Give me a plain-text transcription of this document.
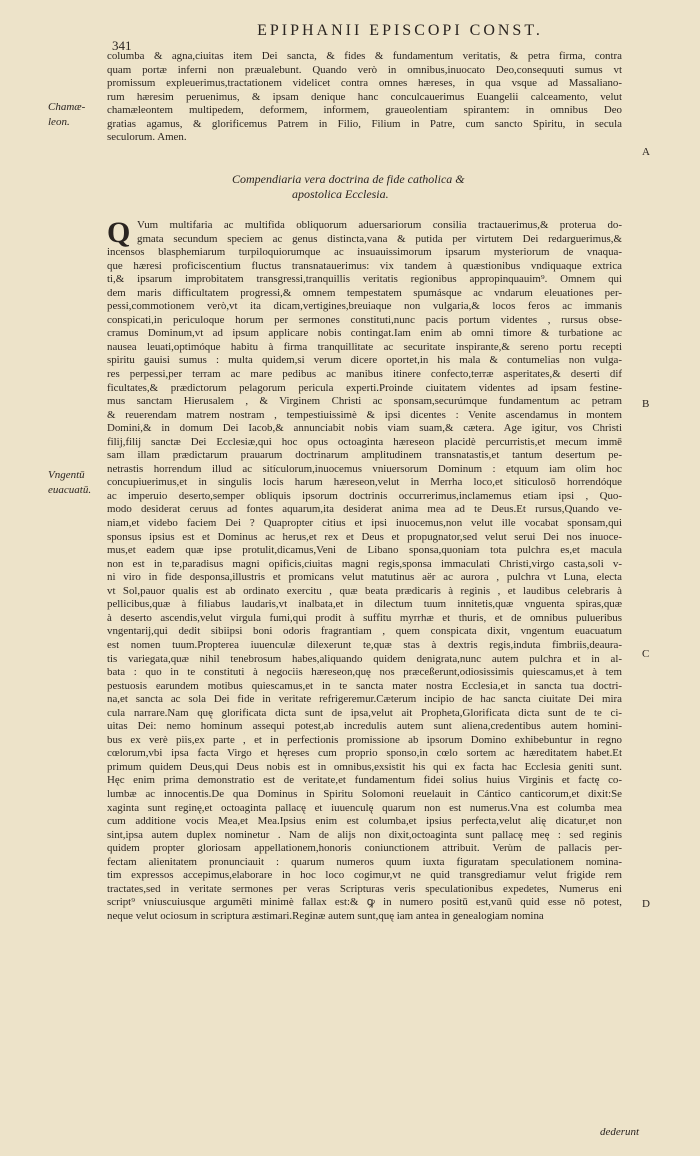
EPIPHANII EPISCOPI CONST.
341
columba & agna,ciuitas item Dei sancta, & fides & fundamentum veritatis, & petra firma, contra
quam portæ inferni non præualebunt. Quando verò in omnibus,inuocato Deo,consequuti sumus vt
promissum expleuerimus,tractationem videlicet contra omnes hæreses, in qua vsque ad Massaliano-
rum hæresim peruenimus, & ipsam denique hanc conculcauerimus Euangelii calceamento, velut
chamæleontem multipedem, deformem, informem, graueolentiam spirantem: in omnibus Deo
gratias agamus, & glorificemus Patrem in Filio, Filium in Patre, cum sancto Spiritu, in secula
seculorum. Amen.
Chamæ-
leon.
A
Compendiaria vera doctrina de fide catholica &
apostolica Ecclesia.
Q Vum multifaria ac multifida obliquorum aduersariorum consilia tractauerimus,& proterua do-
gmata secundum speciem ac genus distincta,vana & putida per virtutem Dei redarguerimus,&
incensos blasphemiarum turpiloquiorumque ac insuauissimorum ipsarum mysteriorum de vnaqua-
que hæresi proficiscentium fluctus transnatauerimus: vix tandem à quæstionibus vndiquaque extrica
ti,& ipsarum improbitatem transgressi,tranquillis veritatis regionibus appropinquauim⁹. Omnem qui
dem maris difficultatem progressi,& omnem tempestatem spumásque ac vndarum eleuationes per-
pessi,commotionem verò,vt ita dicam,vertigines,breuiaque non vulgaria,& locos feros ac immanis
conspicati,in periculoque horum per sermones constituti,nunc pacis portum videntes , rursus obse-
cramus Dominum,vt ad ipsum applicare nobis contingat.Iam enim ab omni timore & turbatione ac
nausea leuati,optimóque habitu à firma tranquillitate ac securitate inspirante,& sereno portu recepti
spiritu gauisi sumus : multa quidem,si verum dicere oportet,in his mala & contumelias non vulga-
res perpessi,per terram ac mare pedibus ac manibus itinere confecto,terræ asperitates,& deserti dif
ficultates,& prædictorum pelagorum pericula experti.Proinde ciuitatem videntes ad ipsam festine-
mus sanctam Hierusalem , & Virginem Christi ac sponsam,securúmque fundamentum ac petram
& reuerendam matrem nostram , tempestiuissimè & ipsi dicentes : Venite ascendamus in montem
Domini,& in domum Dei Iacob,& annunciabit nobis viam suam,& cætera. Age igitur, vos Christi
filij,filij sanctæ Dei Ecclesiæ,qui hoc opus octoaginta hæreseon placidè percurristis,et mecum immē
sam illam prædictarum prauarum doctrinarum amplitudinem transnatastis,et tantum desertum pe-
netrastis horrendum illud ac sitículorum,inuocemus vniuersorum Dominum : etquum iam olim hoc
concupiuerimus,et in singulis locis harum hæreseon,velut in Merrha loco,et siticulosō horrendóque
ac imperuio deserto,semper obliquis ipsorum doctrinis occurrerimus,inclamemus etiam ipsi , Quo-
modo desiderat ceruus ad fontes aquarum,ita desiderat anima mea ad te Deus.Et rursus,Quando ve-
niam,et videbo faciem Dei ? Quapropter citius et ipsi inuocemus,non velut ille vocabat sponsam,qui
sponsus ipsius est et Dominus ac herus,et rex et Deus et propugnator,sed velut serui Dei nos inuoce-
mus,et eadem quæ ipse protulit,dicamus,Veni de Libano sponsa,quoniam tota pulchra es,et macula
non est in te,paradisus magni opificis,ciuitas magni regis,sponsa immaculati Christi,virgo casta,soli v-
ni viro in fide desponsa,illustris et promicans velut matutinus aër ac aurora , pulchra vt Luna, electa
vt Sol,pauor qualis est ab ordinato exercitu , quæ beata prædicaris à reginis , et laudibus celebraris à
pellicibus,quæ à filiabus laudaris,vt inalbata,et in dilectum tuum innitetis,quæ vnguenta spiras,quæ
à deserto ascendis,velut virgula fumi,qui prodit à suffitu myrrhæ et thuris, et de omnibus pulueribus
vngentarij,qui dedit sibiipsi boni odoris fragrantiam , quem conspicata dixit, vngentum euacuatum
est nomen tuum.Propterea iuuenculæ dilexerunt te,quæ stas à dextris regis,induta fimbriis,deaura-
tis variegata,quæ nihil tenebrosum habes,aliquando quidem denigrata,nunc autem pulchra et in al-
bata : quo in te constituti à negociis hæreseon,quę nos præceßerunt,odiosissimis quiescamus,et à tem
pestuosis earundem motibus quiescamus,et in te sancta mater nostra Ecclesia,et in sancta tua doctri-
na,et sancta ac sola Dei fide in veritate refrigeremur.Cæterum incipio de hac sancta ciuitate Dei mira
cula narrare.Nam quę glorificata dicta sunt de ipsa,velut ait Propheta,Glorificata dicta sunt de te ci-
uitas Dei: nemo hominum assequi potest,ab incredulis autem sunt aliena,credentibus autem homini-
bus ex verè piis,ex parte , et in perfectionis promissione ab ipsorum Domino exhibebuntur in regno
cœlorum,vbi ipsa facta Virgo et hęreses cum proprio sponso,in cœlo sortem ac hæreditatem habet.Et
primum quidem Deus,qui Deus nobis est in omnibus,exsistit his qui ex facta hac Ecclesia geniti sunt.
Hęc enim prima demonstratio est de veritate,et fundamentum fidei solius huius Virginis et factę co-
lumbæ ac innocentis.De qua Dominus in Spiritu Solomoni reuelauit in Cántico canticorum,et dixit:Se
xaginta sunt reginę,et octoaginta pallacę et iuuenculę quarum non est numerus.Vna est columba mea
cum additione vocis Mea,et Mea.Ipsius enim est columba,et ipsius perfecta,velut alię dicatur,et non
sint,ipsa autem duplex nominetur . Nam de alijs non dixit,octoaginta sunt pallacę meę : sed reginis
quidem propter gloriosam appellationem,honoris coniunctionem attribuit. Verùm de pallacis per-
fectam alienitatem pronunciauit : quarum numeros quum iuxta figuratam speculationem nomina-
tim expressos accepimus,elaborare in hoc loco cogimur,vt ne quid transgrediamur velut frigide rem
tractates,sed in veritate sermones per veras Scripturas veris speculationibus expedetes, Numerus eni
script⁹ vniuscuiusque argumēti minimè fallax est:& ꝙ in numero positū est,vanū quid esse nō potest,
neque velut ociosum in scriptura æstimari.Reginæ autem sunt,quę iam antea in genealogiam nomina
Vngentū
euacuatū.
B
C
D
dederunt
